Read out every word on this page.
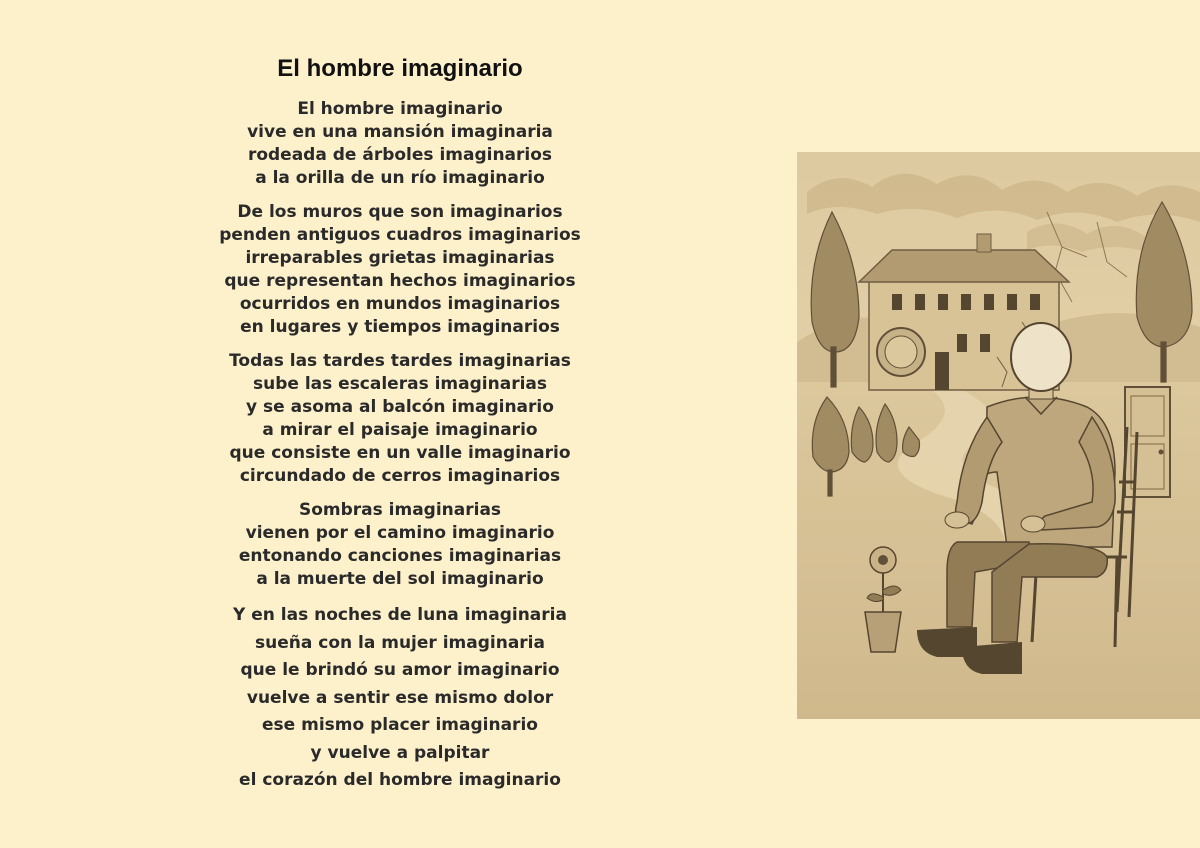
El hombre imaginario

El hombre imaginario
vive en una mansión imaginaria
rodeada de árboles imaginarios
a la orilla de un río imaginario

De los muros que son imaginarios
penden antiguos cuadros imaginarios
irreparables grietas imaginarias
que representan hechos imaginarios
ocurridos en mundos imaginarios
en lugares y tiempos imaginarios

Todas las tardes tardes imaginarias
sube las escaleras imaginarias
y se asoma al balcón imaginario
a mirar el paisaje imaginario
que consiste en un valle imaginario
circundado de cerros imaginarios

Sombras imaginarias
vienen por el camino imaginario
entonando canciones imaginarias
a la muerte del sol imaginario

Y en las noches de luna imaginaria
sueña con la mujer imaginaria
que le brindó su amor imaginario
vuelve a sentir ese mismo dolor
ese mismo placer imaginario
y vuelve a palpitar
el corazón del hombre imaginario
